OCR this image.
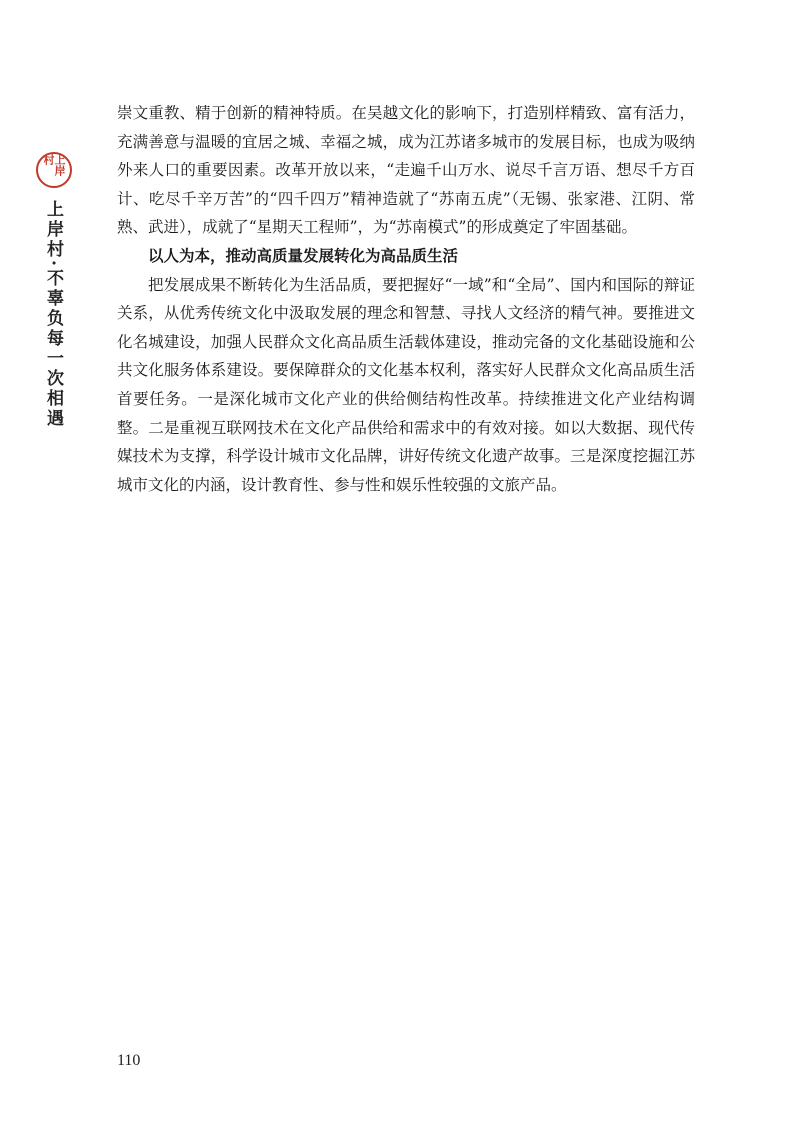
上岸村
上岸村·不辜负每一次相遇

崇文重教、精于创新的精神特质。在吴越文化的影响下，打造别样精致、富有活力，充满善意与温暖的宜居之城、幸福之城，成为江苏诸多城市的发展目标，也成为吸纳外来人口的重要因素。改革开放以来，“走遍千山万水、说尽千言万语、想尽千方百计、吃尽千辛万苦”的“四千四万”精神造就了“苏南五虎”（无锡、张家港、江阴、常熟、武进），成就了“星期天工程师”，为“苏南模式”的形成奠定了牢固基础。

以人为本，推动高质量发展转化为高品质生活

把发展成果不断转化为生活品质，要把握好“一域”和“全局”、国内和国际的辩证关系，从优秀传统文化中汲取发展的理念和智慧、寻找人文经济的精气神。要推进文化名城建设，加强人民群众文化高品质生活载体建设，推动完备的文化基础设施和公共文化服务体系建设。要保障群众的文化基本权利，落实好人民群众文化高品质生活首要任务。一是深化城市文化产业的供给侧结构性改革。持续推进文化产业结构调整。二是重视互联网技术在文化产品供给和需求中的有效对接。如以大数据、现代传媒技术为支撑，科学设计城市文化品牌，讲好传统文化遗产故事。三是深度挖掘江苏城市文化的内涵，设计教育性、参与性和娱乐性较强的文旅产品。

110
